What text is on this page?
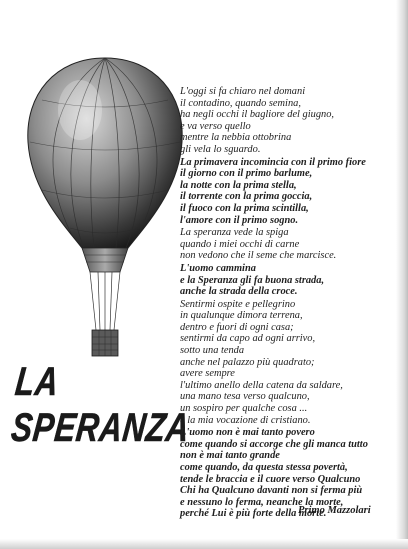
LA
SPERANZA
L'oggi si fa chiaro nel domani
il contadino, quando semina,
ha negli occhi il bagliore del giugno,
e va verso quello
mentre la nebbia ottobrina
gli vela lo sguardo.
La primavera incomincia con il primo fiore
il giorno con il primo barlume,
la notte con la prima stella,
il torrente con la prima goccia,
il fuoco con la prima scintilla,
l'amore con il primo sogno.
La speranza vede la spiga
quando i miei occhi di carne
non vedono che il seme che marcisce.
L'uomo cammina
e la Speranza gli fa buona strada,
anche la strada della croce.
Sentirmi ospite e pellegrino
in qualunque dimora terrena,
dentro e fuori di ogni casa;
sentirmi da capo ad ogni arrivo,
sotto una tenda
anche nel palazzo più quadrato;
avere sempre
l'ultimo anello della catena da saldare,
una mano tesa verso qualcuno,
un sospiro per qualche cosa ...
è la mia vocazione di cristiano.
L'uomo non è mai tanto povero
come quando si accorge che gli manca tutto
non è mai tanto grande
come quando, da questa stessa povertà,
tende le braccia e il cuore verso Qualcuno
Chi ha Qualcuno davanti non si ferma più
e nessuno lo ferma, neanche la morte,
perché Lui è più forte della morte.
Primo Mazzolari
